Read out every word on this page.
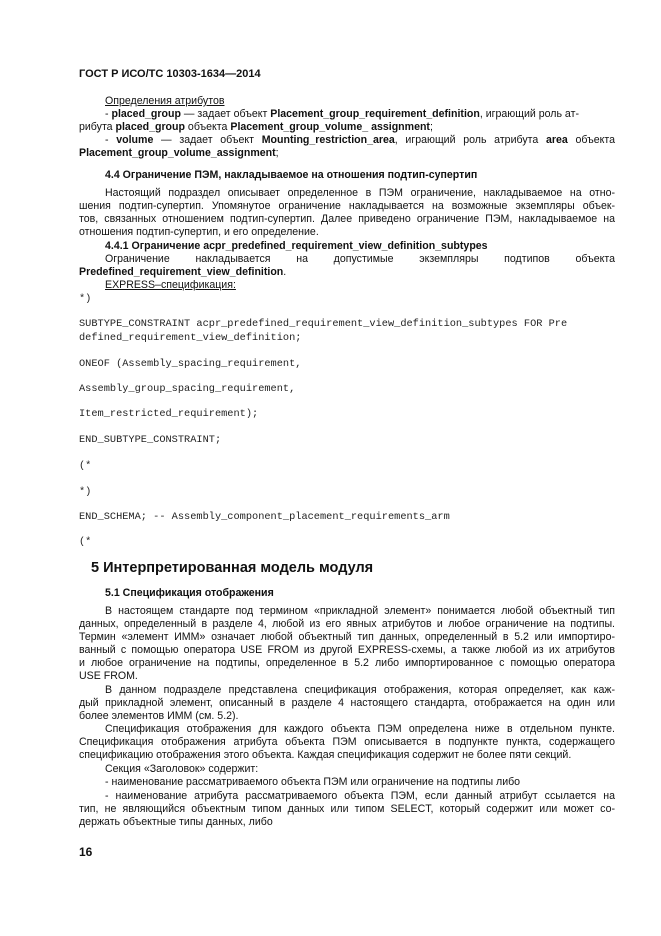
ГОСТ Р ИСО/ТС 10303-1634—2014
Определения атрибутов
- placed_group — задает объект Placement_group_requirement_definition, играющий роль ат-
рибута placed_group объекта Placement_group_volume_ assignment;
- volume — задает объект Mounting_restriction_area, играющий роль атрибута area объекта
Placement_group_volume_assignment;
4.4 Ограничение ПЭМ, накладываемое на отношения подтип-супертип
Настоящий подраздел описывает определенное в ПЭМ ограничение, накладываемое на отно-
шения подтип-супертип. Упомянутое ограничение накладывается на возможные экземпляры объек-
тов, связанных отношением подтип-супертип. Далее приведено ограничение ПЭМ, накладываемое на
отношения подтип-супертип, и его определение.
4.4.1 Ограничение acpr_predefined_requirement_view_definition_subtypes
Ограничение накладывается на допустимые экземпляры подтипов объекта
Predefined_requirement_view_definition.
EXPRESS–спецификация:
*)
SUBTYPE_CONSTRAINT acpr_predefined_requirement_view_definition_subtypes FOR Pre
defined_requirement_view_definition;
ONEOF (Assembly_spacing_requirement,
Assembly_group_spacing_requirement,
Item_restricted_requirement);
END_SUBTYPE_CONSTRAINT;
(*
*)
END_SCHEMA; -- Assembly_component_placement_requirements_arm
(*
5 Интерпретированная модель модуля
5.1 Спецификация отображения
В настоящем стандарте под термином «прикладной элемент» понимается любой объектный тип
данных, определенный в разделе 4, любой из его явных атрибутов и любое ограничение на подтипы.
Термин «элемент ИММ» означает любой объектный тип данных, определенный в 5.2 или импортиро-
ванный с помощью оператора USE FROM из другой EXPRESS-схемы, а также любой из их атрибутов
и любое ограничение на подтипы, определенное в 5.2 либо импортированное с помощью оператора
USE FROM.
В данном подразделе представлена спецификация отображения, которая определяет, как каж-
дый прикладной элемент, описанный в разделе 4 настоящего стандарта, отображается на один или
более элементов ИММ (см. 5.2).
Спецификация отображения для каждого объекта ПЭМ определена ниже в отдельном пункте.
Спецификация отображения атрибута объекта ПЭМ описывается в подпункте пункта, содержащего
спецификацию отображения этого объекта. Каждая спецификация содержит не более пяти секций.
Секция «Заголовок» содержит:
- наименование рассматриваемого объекта ПЭМ или ограничение на подтипы либо
- наименование атрибута рассматриваемого объекта ПЭМ, если данный атрибут ссылается на
тип, не являющийся объектным типом данных или типом SELECT, который содержит или может со-
держать объектные типы данных, либо
16
